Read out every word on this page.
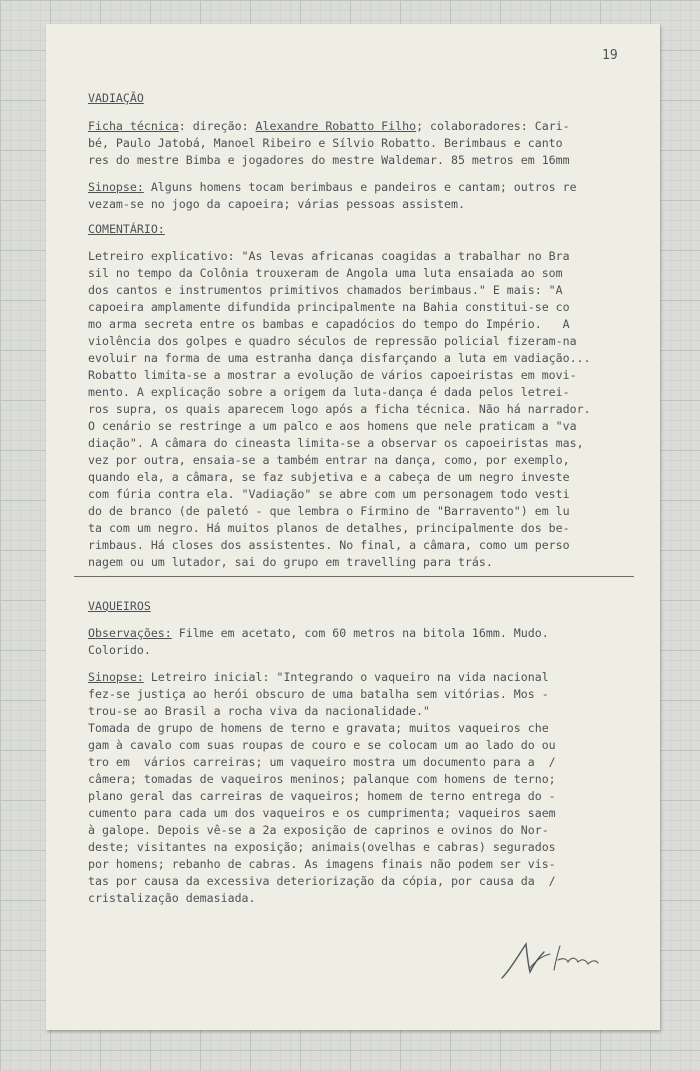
19
VADIAÇÃO
Ficha técnica: direção: Alexandre Robatto Filho; colaboradores: Cari-
bé, Paulo Jatobá, Manoel Ribeiro e Sílvio Robatto. Berimbaus e canto
res do mestre Bimba e jogadores do mestre Waldemar. 85 metros em 16mm
Sinopse: Alguns homens tocam berimbaus e pandeiros e cantam; outros re
vezam-se no jogo da capoeira; várias pessoas assistem.
COMENTÁRIO:
Letreiro explicativo: "As levas africanas coagidas a trabalhar no Bra
sil no tempo da Colônia trouxeram de Angola uma luta ensaiada ao som
dos cantos e instrumentos primitivos chamados berimbaus." E mais: "A
capoeira amplamente difundida principalmente na Bahia constitui-se co
mo arma secreta entre os bambas e capadócios do tempo do Império.   A
violência dos golpes e quadro séculos de repressão policial fizeram-na
evoluir na forma de uma estranha dança disfarçando a luta em vadiação...
Robatto limita-se a mostrar a evolução de vários capoeiristas em movi-
mento. A explicação sobre a origem da luta-dança é dada pelos letrei-
ros supra, os quais aparecem logo após a ficha técnica. Não há narrador.
O cenário se restringe a um palco e aos homens que nele praticam a "va
diação". A câmara do cineasta limita-se a observar os capoeiristas mas,
vez por outra, ensaia-se a também entrar na dança, como, por exemplo,
quando ela, a câmara, se faz subjetiva e a cabeça de um negro investe
com fúria contra ela. "Vadiação" se abre com um personagem todo vesti
do de branco (de paletó - que lembra o Firmino de "Barravento") em lu
ta com um negro. Há muitos planos de detalhes, principalmente dos be-
rimbaus. Há closes dos assistentes. No final, a câmara, como um perso
nagem ou um lutador, sai do grupo em travelling para trás.
VAQUEIROS
Observações: Filme em acetato, com 60 metros na bitola 16mm. Mudo.
Colorido.
Sinopse: Letreiro inicial: "Integrando o vaqueiro na vida nacional
fez-se justiça ao herói obscuro de uma batalha sem vitórias. Mos -
trou-se ao Brasil a rocha viva da nacionalidade."
Tomada de grupo de homens de terno e gravata; muitos vaqueiros che
gam à cavalo com suas roupas de couro e se colocam um ao lado do ou
tro em  vários carreiras; um vaqueiro mostra um documento para a  /
câmera; tomadas de vaqueiros meninos; palanque com homens de terno;
plano geral das carreiras de vaqueiros; homem de terno entrega do -
cumento para cada um dos vaqueiros e os cumprimenta; vaqueiros saem
à galope. Depois vê-se a 2a exposição de caprinos e ovinos do Nor-
deste; visitantes na exposição; animais(ovelhas e cabras) segurados
por homens; rebanho de cabras. As imagens finais não podem ser vis-
tas por causa da excessiva deteriorização da cópia, por causa da  /
cristalização demasiada.
